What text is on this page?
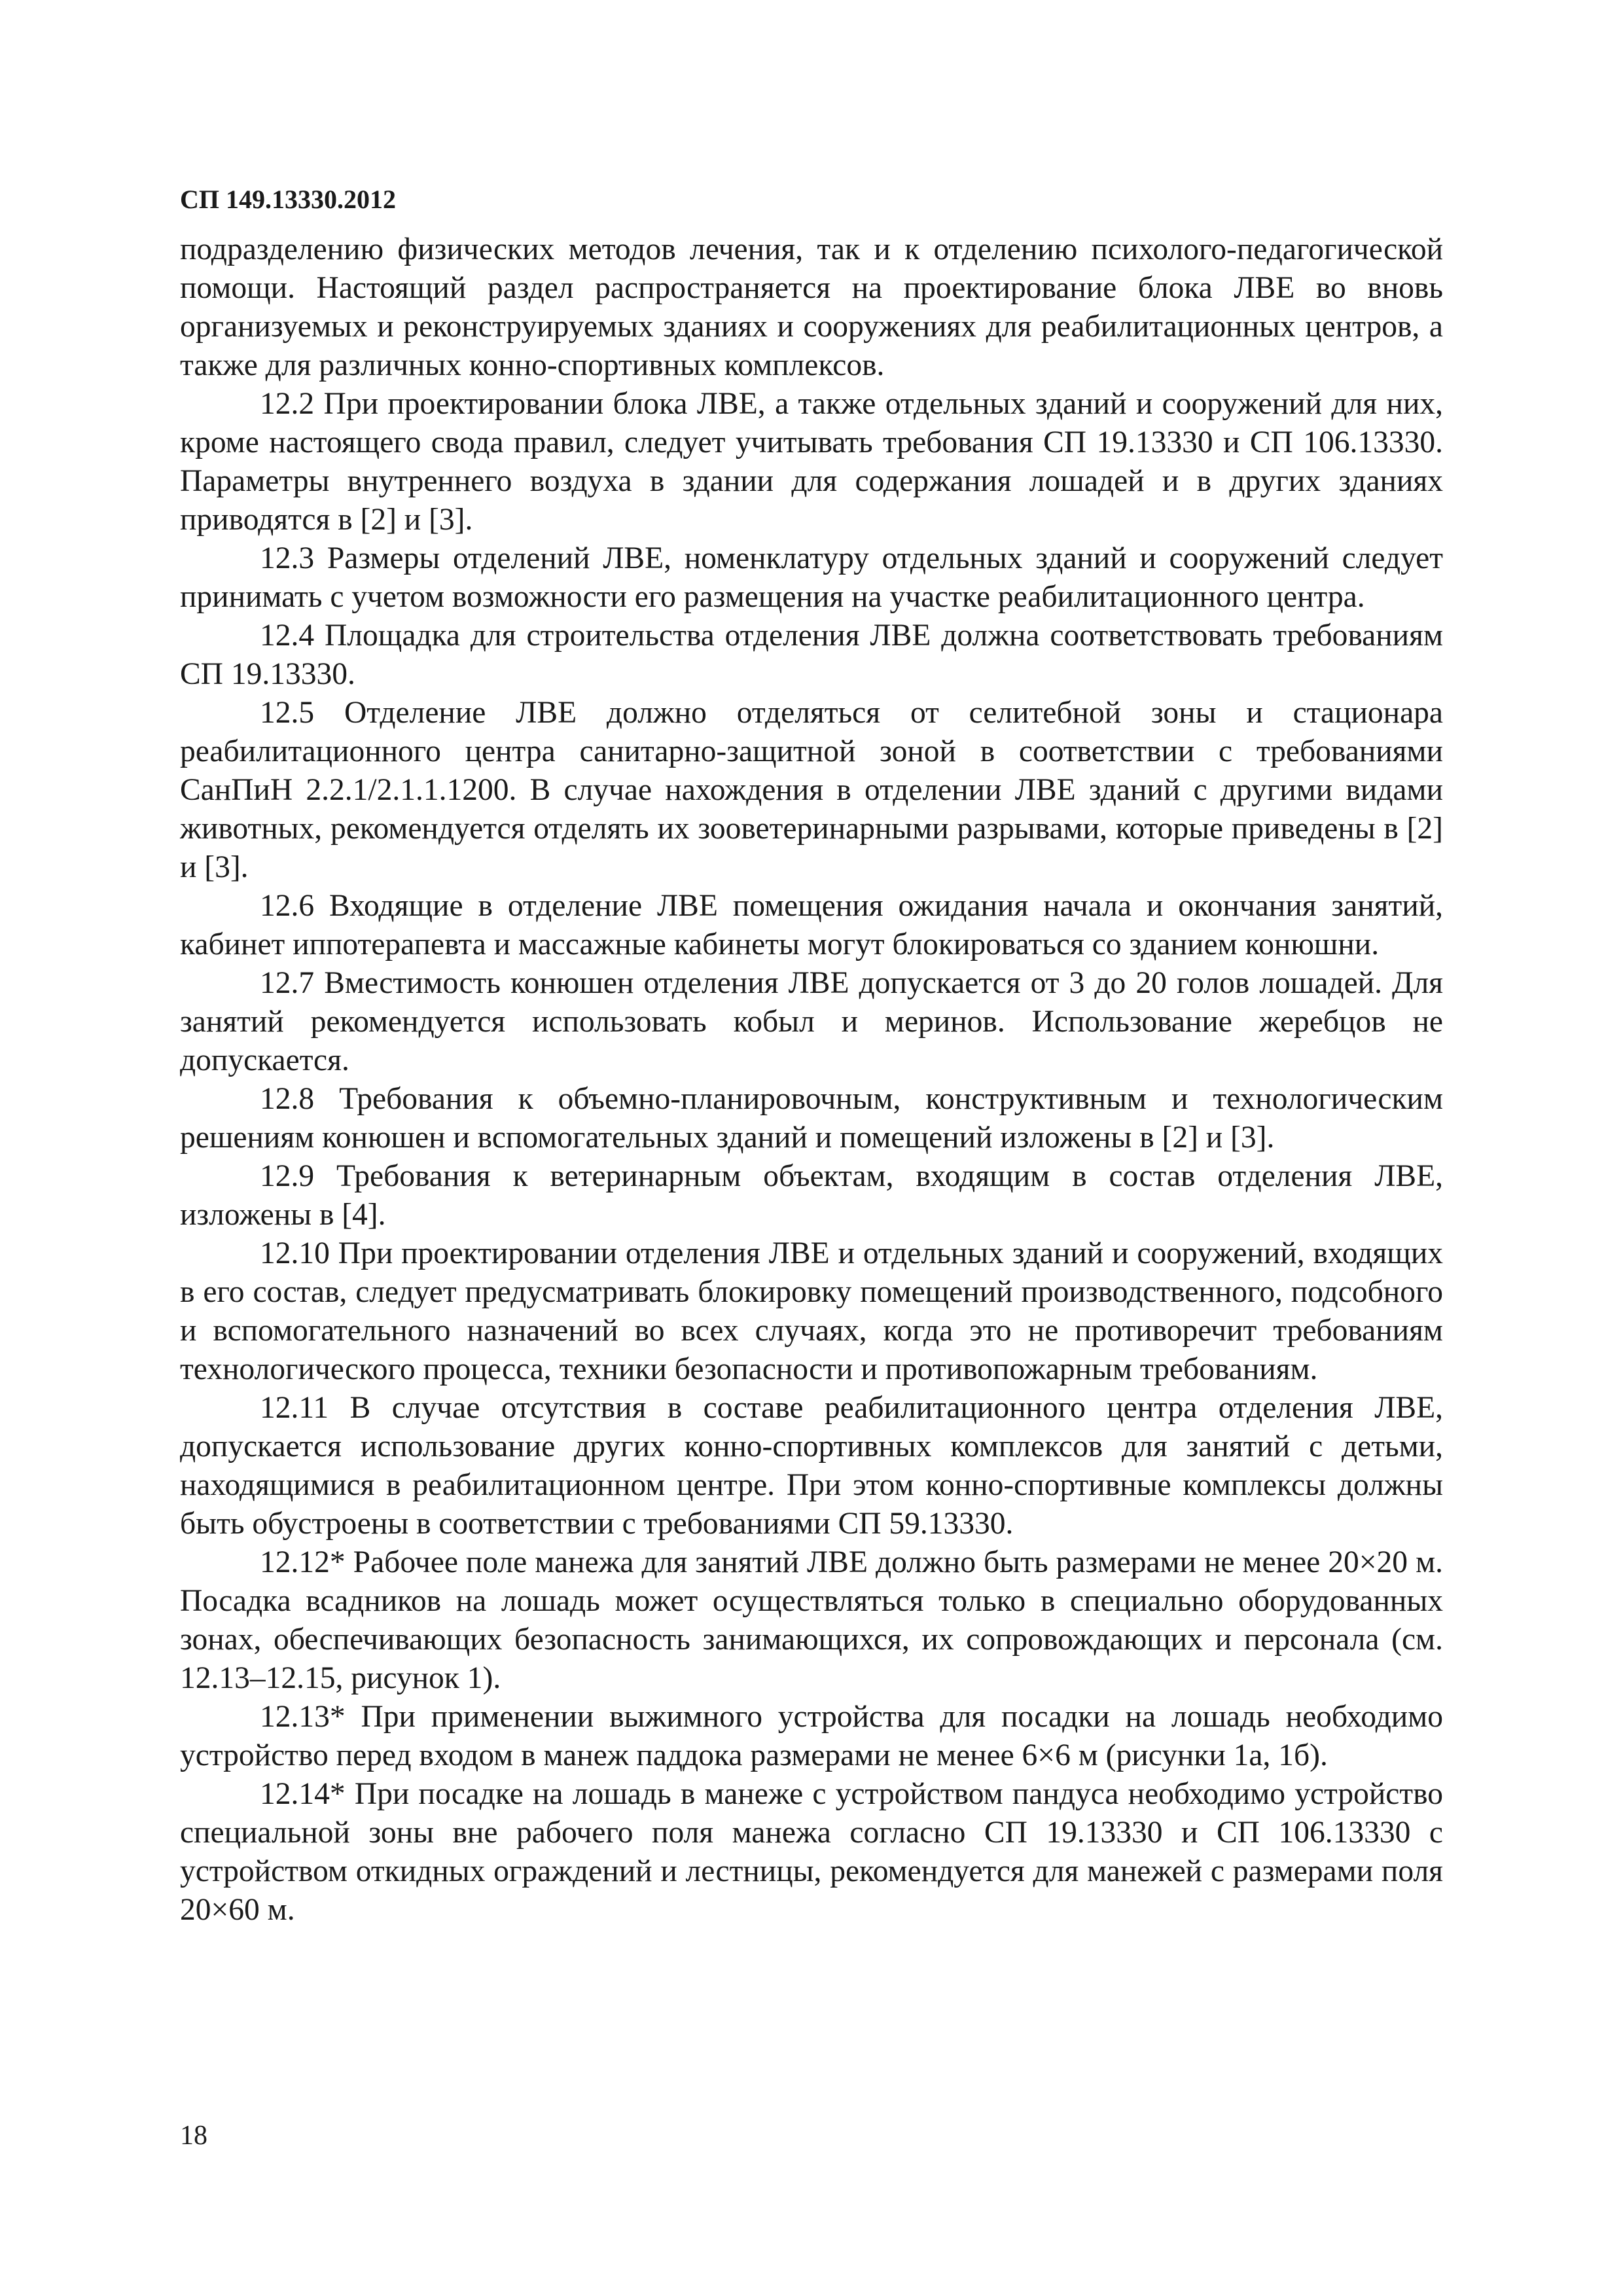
СП 149.13330.2012

подразделению физических методов лечения, так и к отделению психолого-педагогической помощи. Настоящий раздел распространяется на проектирование блока ЛВЕ во вновь организуемых и реконструируемых зданиях и сооружениях для реабилитационных центров, а также для различных конно-спортивных комплексов.

12.2 При проектировании блока ЛВЕ, а также отдельных зданий и сооружений для них, кроме настоящего свода правил, следует учитывать требования СП 19.13330 и СП 106.13330. Параметры внутреннего воздуха в здании для содержания лошадей и в других зданиях приводятся в [2] и [3].

12.3 Размеры отделений ЛВЕ, номенклатуру отдельных зданий и сооружений следует принимать с учетом возможности его размещения на участке реабилитационного центра.

12.4 Площадка для строительства отделения ЛВЕ должна соответствовать требованиям СП 19.13330.

12.5 Отделение ЛВЕ должно отделяться от селитебной зоны и стационара реабилитационного центра санитарно-защитной зоной в соответствии с требованиями СанПиН 2.2.1/2.1.1.1200. В случае нахождения в отделении ЛВЕ зданий с другими видами животных, рекомендуется отделять их зооветеринарными разрывами, которые приведены в [2] и [3].

12.6 Входящие в отделение ЛВЕ помещения ожидания начала и окончания занятий, кабинет иппотерапевта и массажные кабинеты могут блокироваться со зданием конюшни.

12.7 Вместимость конюшен отделения ЛВЕ допускается от 3 до 20 голов лошадей. Для занятий рекомендуется использовать кобыл и меринов. Использование жеребцов не допускается.

12.8 Требования к объемно-планировочным, конструктивным и технологическим решениям конюшен и вспомогательных зданий и помещений изложены в [2] и [3].

12.9 Требования к ветеринарным объектам, входящим в состав отделения ЛВЕ, изложены в [4].

12.10 При проектировании отделения ЛВЕ и отдельных зданий и сооружений, входящих в его состав, следует предусматривать блокировку помещений производственного, подсобного и вспомогательного назначений во всех случаях, когда это не противоречит требованиям технологического процесса, техники безопасности и противопожарным требованиям.

12.11 В случае отсутствия в составе реабилитационного центра отделения ЛВЕ, допускается использование других конно-спортивных комплексов для занятий с детьми, находящимися в реабилитационном центре. При этом конно-спортивные комплексы должны быть обустроены в соответствии с требованиями СП 59.13330.

12.12* Рабочее поле манежа для занятий ЛВЕ должно быть размерами не менее 20×20 м. Посадка всадников на лошадь может осуществляться только в специально оборудованных зонах, обеспечивающих безопасность занимающихся, их сопровождающих и персонала (см. 12.13–12.15, рисунок 1).

12.13* При применении выжимного устройства для посадки на лошадь необходимо устройство перед входом в манеж паддока размерами не менее 6×6 м (рисунки 1а, 1б).

12.14* При посадке на лошадь в манеже с устройством пандуса необходимо устройство специальной зоны вне рабочего поля манежа согласно СП 19.13330 и СП 106.13330 с устройством откидных ограждений и лестницы, рекомендуется для манежей с размерами поля 20×60 м.

18
